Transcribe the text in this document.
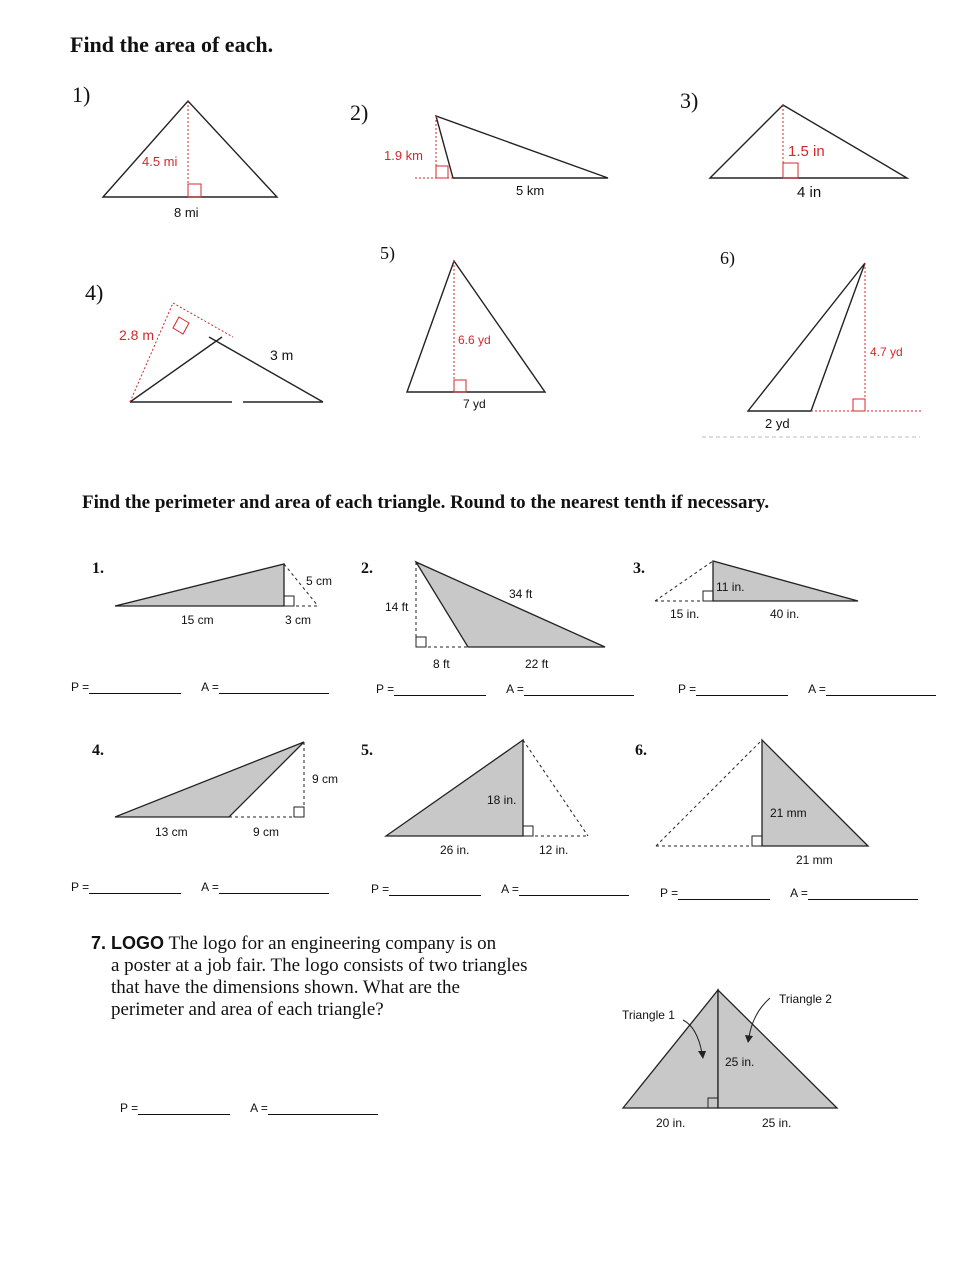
Find the area of each.
1)
4.5 mi
8 mi
2)
1.9 km
5 km
3)
1.5 in
4 in
4)
2.8 m
3 m
5)
6.6 yd
7 yd
6)
4.7 yd
2 yd
Find the perimeter and area of each triangle. Round to the nearest tenth if necessary.
1.
5 cm
15 cm	3 cm
2.
34 ft
14 ft
8 ft	22 ft
3.
11 in.
15 in.	40 in.
P =	A =	P =	A =	P =	A =
4.
9 cm
13 cm	9 cm
5.
18 in.
26 in.	12 in.
6.
21 mm
21 mm
P =	A =	P =	A =	P =	A =
7. LOGO The logo for an engineering company is on
a poster at a job fair. The logo consists of two triangles
that have the dimensions shown. What are the
perimeter and area of each triangle?	Triangle 1
Triangle 2
25 in.
20 in.	25 in.
P =	A =
